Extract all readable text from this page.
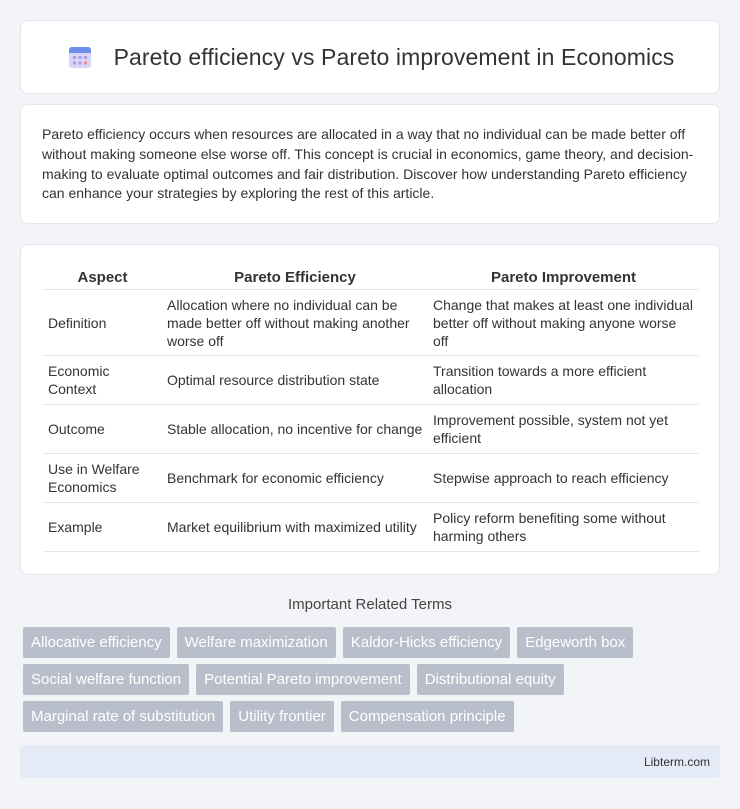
Pareto efficiency vs Pareto improvement in Economics

Pareto efficiency occurs when resources are allocated in a way that no individual can be made better off without making someone else worse off. This concept is crucial in economics, game theory, and decision-making to evaluate optimal outcomes and fair distribution. Discover how understanding Pareto efficiency can enhance your strategies by exploring the rest of this article.

Aspect	Pareto Efficiency	Pareto Improvement
Definition	Allocation where no individual can be made better off without making another worse off	Change that makes at least one individual better off without making anyone worse off
Economic Context	Optimal resource distribution state	Transition towards a more efficient allocation
Outcome	Stable allocation, no incentive for change	Improvement possible, system not yet efficient
Use in Welfare Economics	Benchmark for economic efficiency	Stepwise approach to reach efficiency
Example	Market equilibrium with maximized utility	Policy reform benefiting some without harming others
Important Related Terms
Allocative efficiency	Welfare maximization	Kaldor-Hicks efficiency	Edgeworth box
Social welfare function	Potential Pareto improvement	Distributional equity
Marginal rate of substitution	Utility frontier	Compensation principle
Libterm.com
